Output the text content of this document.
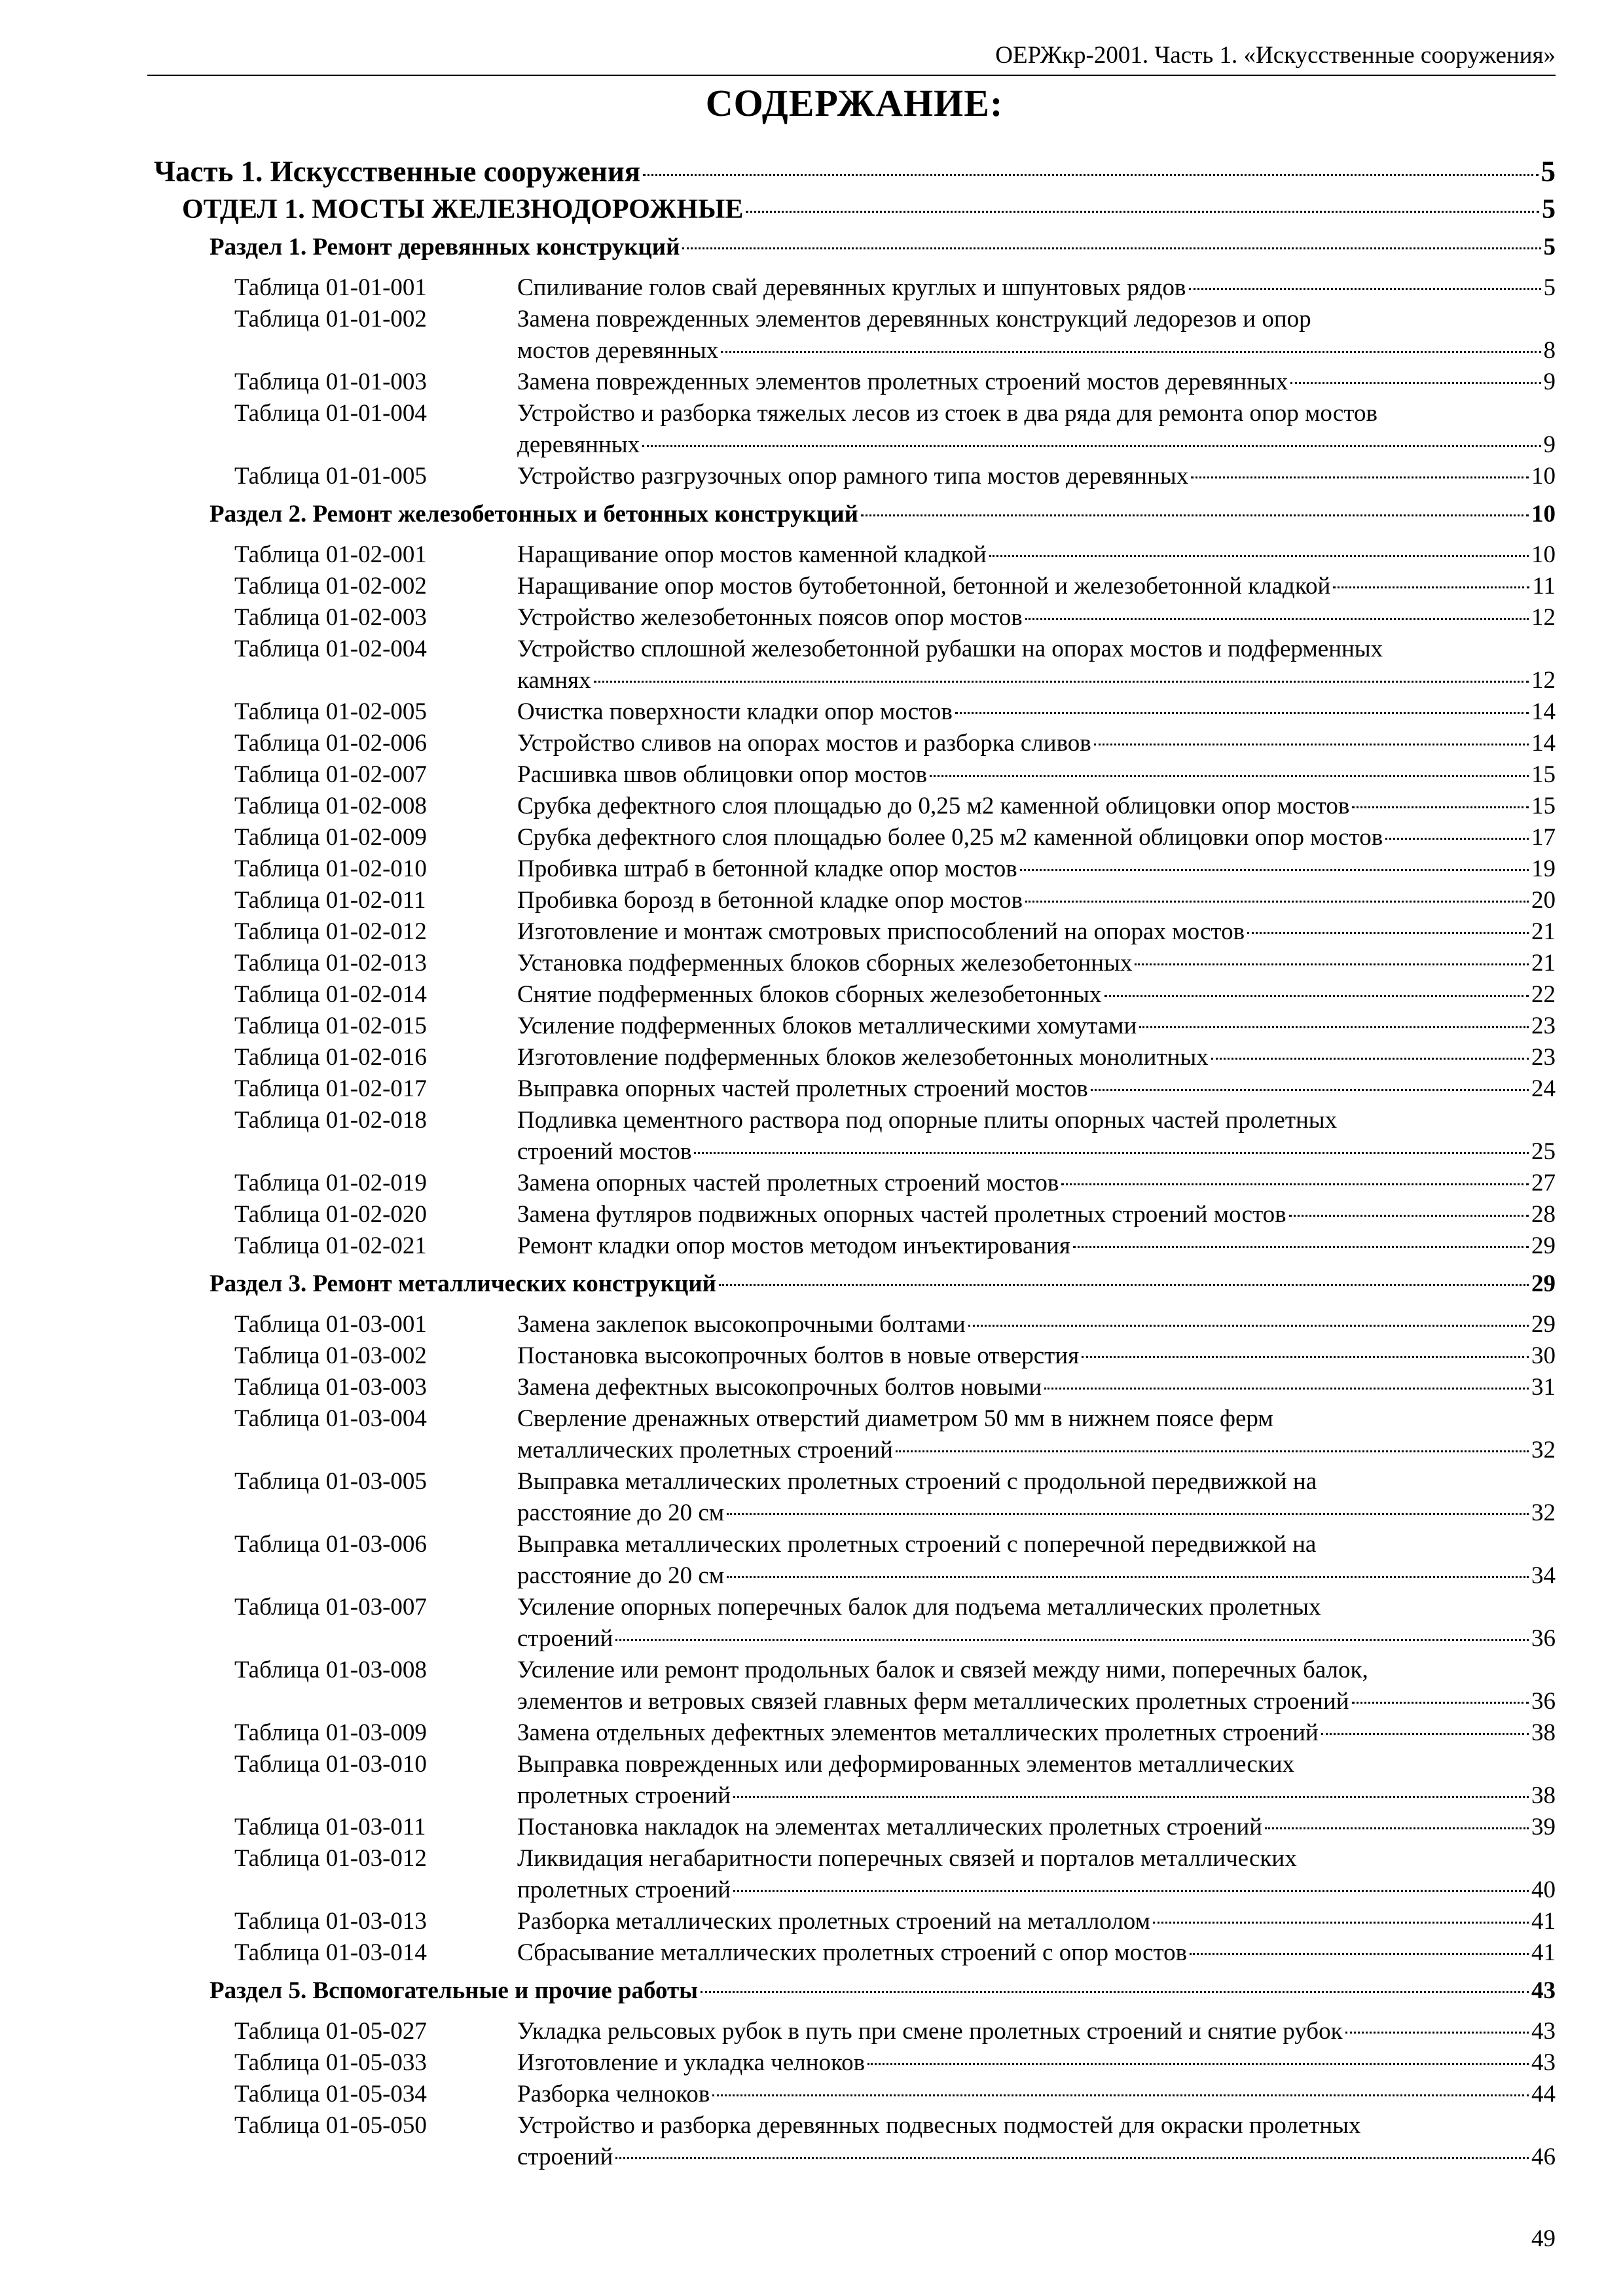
ОЕРЖкр-2001. Часть 1. «Искусственные сооружения»
СОДЕРЖАНИЕ:
Часть 1. Искусственные сооружения	5
ОТДЕЛ 1. МОСТЫ ЖЕЛЕЗНОДОРОЖНЫЕ	5
Раздел 1. Ремонт деревянных конструкций	5
Таблица 01-01-001	Спиливание голов свай деревянных круглых и шпунтовых рядов	5
Таблица 01-01-002	Замена поврежденных элементов деревянных конструкций ледорезов и опор
мостов деревянных	8
Таблица 01-01-003	Замена поврежденных элементов пролетных строений мостов деревянных	9
Таблица 01-01-004	Устройство и разборка тяжелых лесов из стоек в два ряда для ремонта опор мостов
деревянных	9
Таблица 01-01-005	Устройство разгрузочных опор рамного типа мостов деревянных	10
Раздел 2. Ремонт железобетонных и бетонных конструкций	10
Таблица 01-02-001	Наращивание опор мостов каменной кладкой	10
Таблица 01-02-002	Наращивание опор мостов бутобетонной, бетонной и железобетонной кладкой	11
Таблица 01-02-003	Устройство железобетонных поясов опор мостов	12
Таблица 01-02-004	Устройство сплошной железобетонной рубашки на опорах мостов и подферменных
камнях	12
Таблица 01-02-005	Очистка поверхности кладки опор мостов	14
Таблица 01-02-006	Устройство сливов на опорах мостов и разборка сливов	14
Таблица 01-02-007	Расшивка швов облицовки опор мостов	15
Таблица 01-02-008	Срубка дефектного слоя площадью до 0,25 м2 каменной облицовки опор мостов	15
Таблица 01-02-009	Срубка дефектного слоя площадью более 0,25 м2 каменной облицовки опор мостов	17
Таблица 01-02-010	Пробивка штраб в бетонной кладке опор мостов	19
Таблица 01-02-011	Пробивка борозд в бетонной кладке опор мостов	20
Таблица 01-02-012	Изготовление и монтаж смотровых приспособлений на опорах мостов	21
Таблица 01-02-013	Установка подферменных блоков сборных железобетонных	21
Таблица 01-02-014	Снятие подферменных блоков сборных железобетонных	22
Таблица 01-02-015	Усиление подферменных блоков металлическими хомутами	23
Таблица 01-02-016	Изготовление подферменных блоков железобетонных монолитных	23
Таблица 01-02-017	Выправка опорных частей пролетных строений мостов	24
Таблица 01-02-018	Подливка цементного раствора под опорные плиты опорных частей пролетных
строений мостов	25
Таблица 01-02-019	Замена опорных частей пролетных строений мостов	27
Таблица 01-02-020	Замена футляров подвижных опорных частей пролетных строений мостов	28
Таблица 01-02-021	Ремонт кладки опор мостов методом инъектирования	29
Раздел 3. Ремонт металлических конструкций	29
Таблица 01-03-001	Замена заклепок высокопрочными болтами	29
Таблица 01-03-002	Постановка высокопрочных болтов в новые отверстия	30
Таблица 01-03-003	Замена дефектных высокопрочных болтов новыми	31
Таблица 01-03-004	Сверление дренажных отверстий диаметром 50 мм в нижнем поясе ферм
металлических пролетных строений	32
Таблица 01-03-005	Выправка металлических пролетных строений с продольной передвижкой на
расстояние до 20 см	32
Таблица 01-03-006	Выправка металлических пролетных строений с поперечной передвижкой на
расстояние до 20 см	34
Таблица 01-03-007	Усиление опорных поперечных балок для подъема металлических пролетных
строений	36
Таблица 01-03-008	Усиление или ремонт продольных балок и связей между ними, поперечных балок,
элементов и ветровых связей главных ферм металлических пролетных строений	36
Таблица 01-03-009	Замена отдельных дефектных элементов металлических пролетных строений	38
Таблица 01-03-010	Выправка поврежденных или деформированных элементов металлических
пролетных строений	38
Таблица 01-03-011	Постановка накладок на элементах металлических пролетных строений	39
Таблица 01-03-012	Ликвидация негабаритности поперечных связей и порталов металлических
пролетных строений	40
Таблица 01-03-013	Разборка металлических пролетных строений на металлолом	41
Таблица 01-03-014	Сбрасывание металлических пролетных строений с опор мостов	41
Раздел 5. Вспомогательные и прочие работы	43
Таблица 01-05-027	Укладка рельсовых рубок в путь при смене пролетных строений и снятие рубок	43
Таблица 01-05-033	Изготовление и укладка челноков	43
Таблица 01-05-034	Разборка челноков	44
Таблица 01-05-050	Устройство и разборка деревянных подвесных подмостей для окраски пролетных
строений	46
49
